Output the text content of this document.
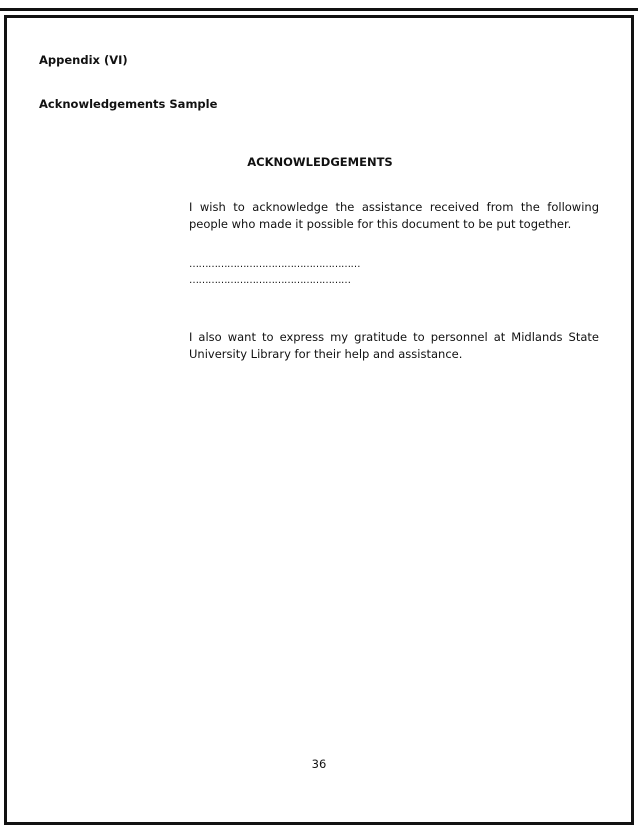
Appendix (VI)
Acknowledgements Sample
ACKNOWLEDGEMENTS
I wish to acknowledge the assistance received from the following people who made it possible for this document to be put together.
………………………………………………
……………………………………………
I also want to express my gratitude to personnel at Midlands State University Library for their help and assistance.
36
